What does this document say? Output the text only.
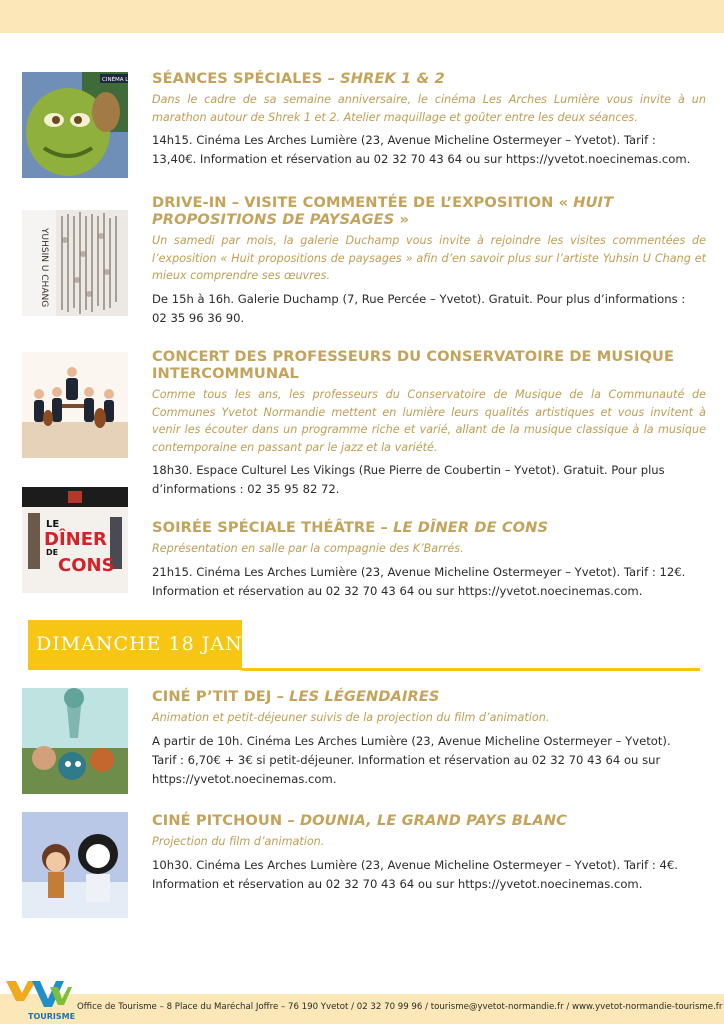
CINÉMA LES SÉANCES SPÉCIALES – SHREK 1 & 2
Dans le cadre de sa semaine anniversaire, le cinéma Les Arches Lumière vous invite à un marathon autour de Shrek 1 et 2. Atelier maquillage et goûter entre les deux séances.
14h15. Cinéma Les Arches Lumière (23, Avenue Micheline Ostermeyer – Yvetot). Tarif :
13,40€. Information et réservation au 02 32 70 43 64 ou sur https://yvetot.noecinemas.com.
YUHSIN U CHANG
DRIVE-IN – VISITE COMMENTÉE DE L’EXPOSITION « HUIT
PROPOSITIONS DE PAYSAGES »
Un samedi par mois, la galerie Duchamp vous invite à rejoindre les visites commentées de l’exposition « Huit propositions de paysages » afin d’en savoir plus sur l’artiste Yuhsin U Chang et mieux comprendre ses œuvres.
De 15h à 16h. Galerie Duchamp (7, Rue Percée – Yvetot). Gratuit. Pour plus d’informations :
02 35 96 36 90.
CONCERT DES PROFESSEURS DU CONSERVATOIRE DE MUSIQUE
INTERCOMMUNAL
Comme tous les ans, les professeurs du Conservatoire de Musique de la Communauté de Communes Yvetot Normandie mettent en lumière leurs qualités artistiques et vous invitent à venir les écouter dans un programme riche et varié, allant de la musique classique à la musique contemporaine en passant par le jazz et la variété.
18h30. Espace Culturel Les Vikings (Rue Pierre de Coubertin – Yvetot). Gratuit. Pour plus
d’informations : 02 35 95 82 72.
LE
DÎNER
DE
CONS
SOIRÉE SPÉCIALE THÉÂTRE – LE DÎNER DE CONS
Représentation en salle par la compagnie des K’Barrés.
21h15. Cinéma Les Arches Lumière (23, Avenue Micheline Ostermeyer – Yvetot). Tarif : 12€.
Information et réservation au 02 32 70 43 64 ou sur https://yvetot.noecinemas.com.
DIMANCHE 18 JANVIER
CINÉ P’TIT DEJ – LES LÉGENDAIRES
Animation et petit-déjeuner suivis de la projection du film d’animation.
A partir de 10h. Cinéma Les Arches Lumière (23, Avenue Micheline Ostermeyer – Yvetot).
Tarif : 6,70€ + 3€ si petit-déjeuner. Information et réservation au 02 32 70 43 64 ou sur
https://yvetot.noecinemas.com.
CINÉ PITCHOUN – DOUNIA, LE GRAND PAYS BLANC
Projection du film d’animation.
10h30. Cinéma Les Arches Lumière (23, Avenue Micheline Ostermeyer – Yvetot). Tarif : 4€.
Information et réservation au 02 32 70 43 64 ou sur https://yvetot.noecinemas.com.
Office de Tourisme – 8 Place du Maréchal Joffre – 76 190 Yvetot / 02 32 70 99 96 / tourisme@yvetot-normandie.fr / www.yvetot-normandie-tourisme.fr
TOURISME
